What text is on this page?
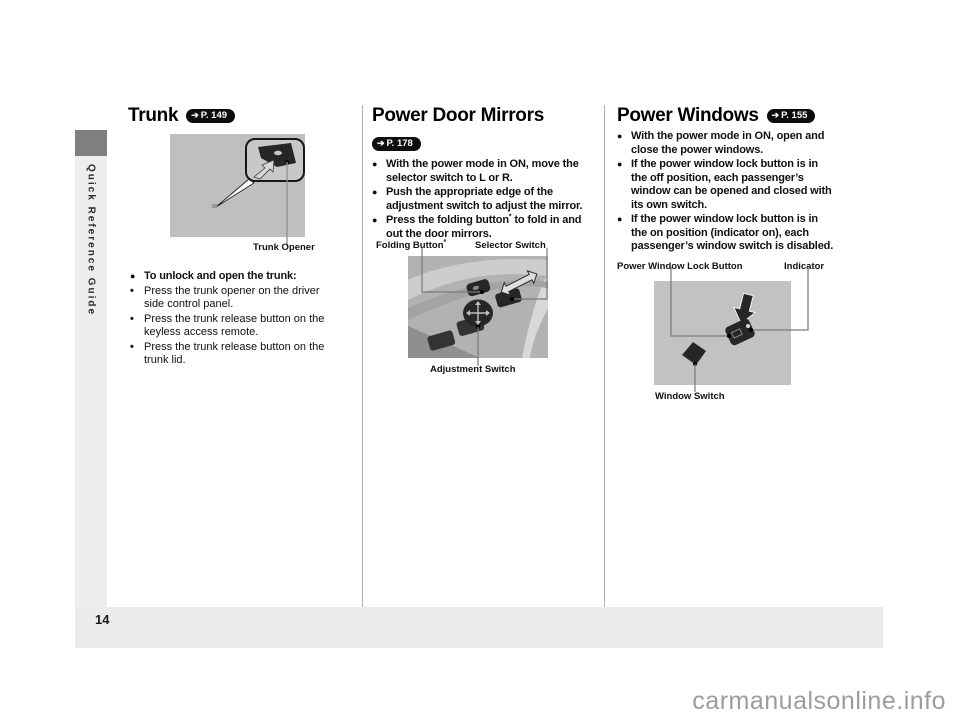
Quick Reference Guide
Trunk ➔ P. 149
Trunk Opener
● To unlock and open the trunk:
• Press the trunk opener on the driver side control panel.
• Press the trunk release button on the keyless access remote.
• Press the trunk release button on the trunk lid.
Power Door Mirrors
➔ P. 178
● With the power mode in ON, move the selector switch to L or R.
● Push the appropriate edge of the adjustment switch to adjust the mirror.
● Press the folding button* to fold in and out the door mirrors.
Folding Button*	Selector Switch
Adjustment Switch
Power Windows ➔ P. 155
● With the power mode in ON, open and close the power windows.
● If the power window lock button is in the off position, each passenger’s window can be opened and closed with its own switch.
● If the power window lock button is in the on position (indicator on), each passenger’s window switch is disabled.
Power Window Lock Button	Indicator
Window Switch
14
carmanualsonline.info
